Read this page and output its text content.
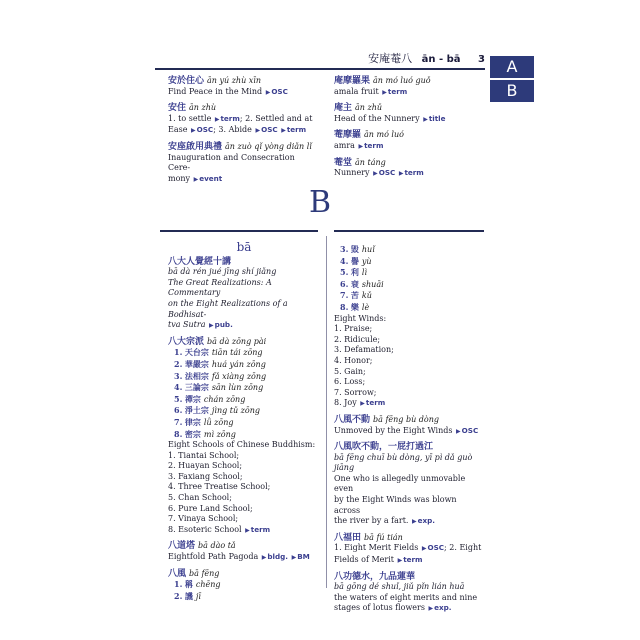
安庵菴八 ān - bā 3	A
B
安於住心 ān yú zhù xīn
Find Peace in the Mind ▶OSC
安住 ān zhù
1. to settle ▶term; 2. Settled and at
Ease ▶OSC; 3. Abide ▶OSC ▶term
安座啟用典禮 ān zuò qǐ yòng diǎn lǐ
Inauguration and Consecration Cere-
mony ▶event
庵摩羅果 ān mó luó guǒ
amala fruit ▶term
庵主 ān zhǔ
Head of the Nunnery ▶title
菴摩羅 ān mó luó
amra ▶term
菴堂 ān táng
Nunnery ▶OSC ▶term
B
bā
八大人覺經十講
bā dà rén jué jīng shí jiǎng
The Great Realizations: A Commentary
on the Eight Realizations of a Bodhisat-
tva Sutra ▶pub.
八大宗派 bā dà zōng pài
1. 天台宗 tiān tái zōng
2. 華嚴宗 huá yán zōng
3. 法相宗 fǎ xiàng zōng
4. 三論宗 sān lùn zōng
5. 禪宗 chán zōng
6. 淨土宗 jìng tǔ zōng
7. 律宗 lǜ zōng
8. 密宗 mì zōng
Eight Schools of Chinese Buddhism:
1. Tiantai School;
2. Huayan School;
3. Faxiang School;
4. Three Treatise School;
5. Chan School;
6. Pure Land School;
7. Vinaya School;
8. Esoteric School ▶term
八道塔 bā dào tǎ
Eightfold Path Pagoda ▶bldg. ▶BM
八風 bā fēng
1. 稱 chēng
2. 譏 jī
3. 毀 huǐ
4. 譽 yù
5. 利 lì
6. 衰 shuāi
7. 苦 kǔ
8. 樂 lè
Eight Winds:
1. Praise;
2. Ridicule;
3. Defamation;
4. Honor;
5. Gain;
6. Loss;
7. Sorrow;
8. Joy ▶term
八風不動 bā fēng bù dòng
Unmoved by the Eight Winds ▶OSC
八風吹不動，一屁打過江
bā fēng chuī bù dòng, yī pì dǎ guò jiāng
One who is allegedly unmovable even
by the Eight Winds was blown across
the river by a fart. ▶exp.
八福田 bā fú tián
1. Eight Merit Fields ▶OSC; 2. Eight
Fields of Merit ▶term
八功德水，九品蓮華
bā gōng dé shuǐ, jiǔ pǐn lián huā
the waters of eight merits and nine
stages of lotus flowers ▶exp.
